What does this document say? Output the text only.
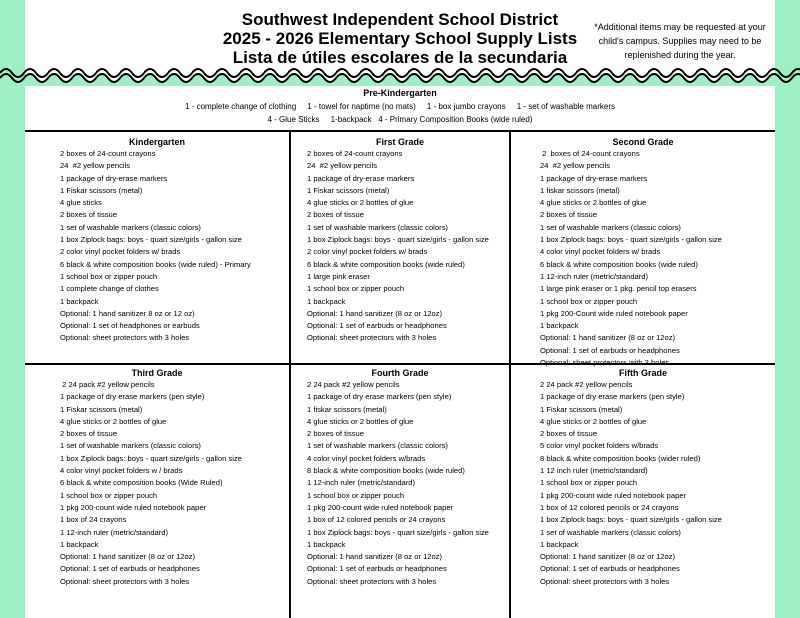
Southwest Independent School District
2025 - 2026 Elementary School Supply Lists
Lista de útiles escolares de la secundaria
*Additional items may be requested at your
child's campus. Supplies may need to be
replenished during the year.
Pre-Kindergarten
1 - complete change of clothing     1 - towel for naptime (no mats)     1 - box jumbo crayons     1 - set of washable markers
4 - Glue Sticks     1-backpack   4 - Primary Composition Books (wide ruled)
Kindergarten
2 boxes of 24-count crayons
24  #2 yellow pencils
1 package of dry-erase markers
1 Fiskar scissors (metal)
4 glue sticks
2 boxes of tissue
1 set of washable markers (classic colors)
1 box Ziplock bags: boys - quart size/girls - gallon size
2 color vinyl pocket folders w/ brads
6 black & white composition books (wide ruled) - Primary
1 school box or zipper pouch
1 complete change of clothes
1 backpack
Optional: 1 hand sanitizer 8 oz or 12 oz)
Optional: 1 set of headphones or earbuds
Optional: sheet protectors with 3 holes
First Grade
2 boxes of 24-count crayons
24  #2 yellow pencils
1 package of dry-erase markers
1 Fiskar scissors (metal)
4 glue sticks or 2 bottles of glue
2 boxes of tissue
1 set of washable markers (classic colors)
1 box Ziplock bags: boys - quart size/girls - gallon size
2 color vinyl pocket folders w/ brads
6 black & white composition books (wide ruled)
1 large pink eraser
1 school box or zipper pouch
1 backpack
Optional: 1 hand sanitizer (8 oz or 12oz)
Optional: 1 set of earbuds or headphones
Optional: sheet protectors with 3 holes
Second Grade
2  boxes of 24-count crayons
24  #2 yellow pencils
1 package of dry-erase markers
1 fiskar scissors (metal)
4 glue sticks or 2 bottles of glue
2 boxes of tissue
1 set of washable markers (classic colors)
1 box Ziplock bags: boys - quart size/girls - gallon size
4 color vinyl pocket folders w/ brads
6 black & white composition books (wide ruled)
1 12-inch ruler (metric/standard)
1 large pink eraser or 1 pkg. pencil top erasers
1 school box or zipper pouch
1 pkg 200-Count wide ruled notebook paper
1 backpack
Optional: 1 hand sanitizer (8 oz or 12oz)
Optional: 1 set of earbuds or headphones
Optional: sheet protectors with 3 holes
Third Grade
2 24 pack #2 yellow pencils
1 package of dry erase markers (pen style)
1 Fiskar scissors (metal)
4 glue sticks or 2 bottles of glue
2 boxes of tissue
1 set of washable markers (classic colors)
1 box Ziplock bags: boys - quart size/girls - gallon size
4 color vinyl pocket folders w / brads
6 black & white composition books (Wide Ruled)
1 school box or zipper pouch
1 pkg 200-count wide ruled notebook paper
1 box of 24 crayons
1 12-inch ruler (metric/standard)
1 backpack
Optional: 1 hand sanitizer (8 oz or 12oz)
Optional: 1 set of earbuds or headphones
Optional: sheet protectors with 3 holes
Fourth Grade
2 24 pack #2 yellow pencils
1 package of dry erase markers (pen style)
1 fiskar scissors (metal)
4 glue sticks or 2 bottles of glue
2 boxes of tissue
1 set of washable markers (classic colors)
4 color vinyl pocket folders w/brads
8 black & white composition books (wide ruled)
1 12-inch ruler (metric/standard)
1 school box or zipper pouch
1 pkg 200-count wide ruled notebook paper
1 box of 12 colored pencils or 24 crayons
1 box Ziplock bags: boys - quart size/girls - gallon size
1 backpack
Optional: 1 hand sanitizer (8 oz or 12oz)
Optional: 1 set of earbuds or headphones
Optional: sheet protectors with 3 holes
Fifth Grade
2 24 pack #2 yellow pencils
1 package of dry erase markers (pen style)
1 Fiskar scissors (metal)
4 glue sticks or 2 bottles of glue
2 boxes of tissue
5 color vinyl pocket folders w/brads
8 black & white composition books (wider ruled)
1 12 inch ruler (metric/standard)
1 school box or zipper pouch
1 pkg 200-count wide ruled notebook paper
1 box of 12 colored pencils or 24 crayons
1 box Ziplock bags: boys - quart size/girls - gallon size
1 set of washable markers (classic colors)
1 backpack
Optional: 1 hand sanitizer (8 oz or 12oz)
Optional: 1 set of earbuds or headphones
Optional: sheet protectors with 3 holes
